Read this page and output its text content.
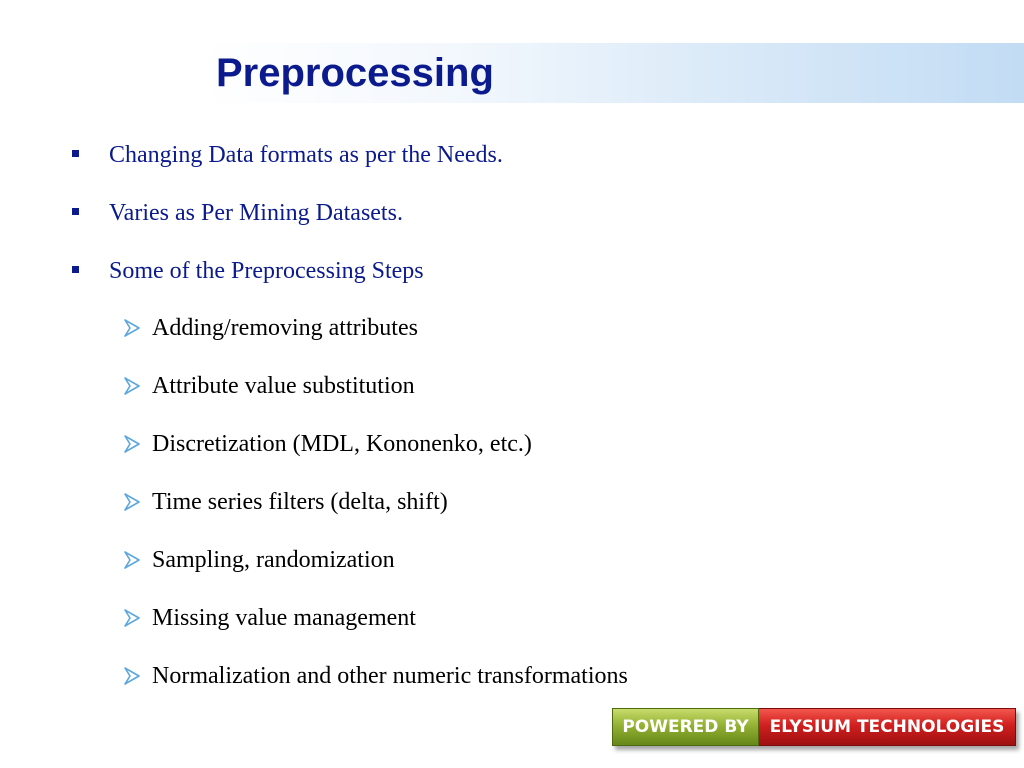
Preprocessing
Changing Data formats as per the Needs.
Varies as Per Mining Datasets.
Some of the Preprocessing Steps
Adding/removing attributes
Attribute value substitution
Discretization (MDL, Kononenko, etc.)
Time series filters (delta, shift)
Sampling, randomization
Missing value management
Normalization and other numeric transformations
POWERED BY	ELYSIUM TECHNOLOGIES
